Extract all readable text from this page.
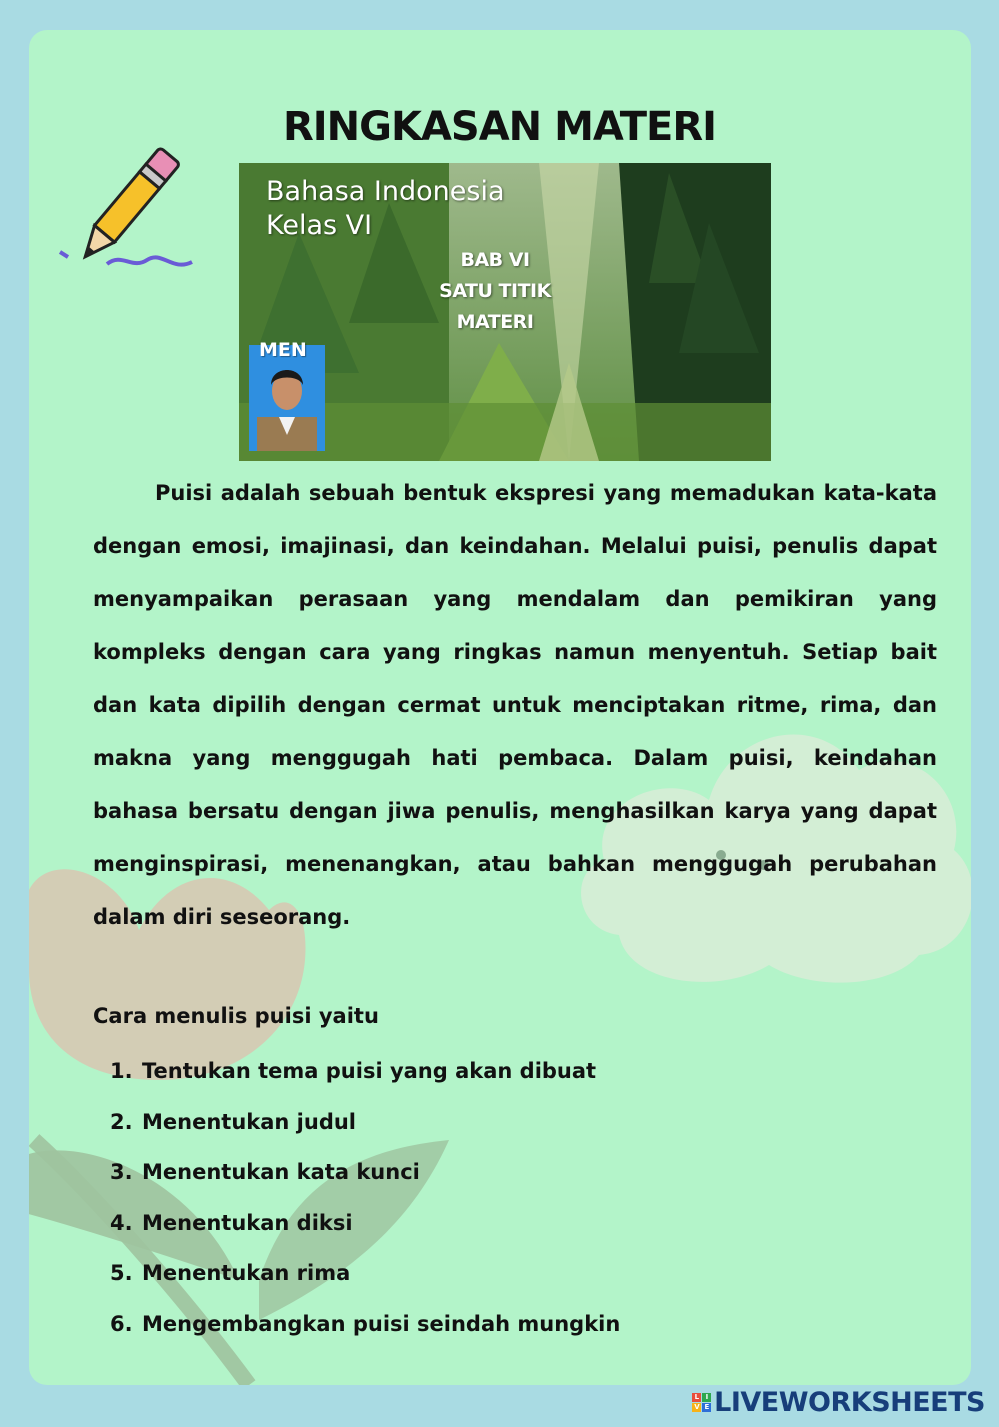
RINGKASAN MATERI
Bahasa Indonesia
Kelas VI
BAB VI
SATU TITIK
MATERI
MEN

Puisi adalah sebuah bentuk ekspresi yang memadukan kata-kata dengan emosi, imajinasi, dan keindahan. Melalui puisi, penulis dapat menyampaikan perasaan yang mendalam dan pemikiran yang kompleks dengan cara yang ringkas namun menyentuh. Setiap bait dan kata dipilih dengan cermat untuk menciptakan ritme, rima, dan makna yang menggugah hati pembaca. Dalam puisi, keindahan bahasa bersatu dengan jiwa penulis, menghasilkan karya yang dapat menginspirasi, menenangkan, atau bahkan menggugah perubahan dalam diri seseorang.

Cara menulis puisi yaitu

1. Tentukan tema puisi yang akan dibuat
2. Menentukan judul
3. Menentukan kata kunci
4. Menentukan diksi
5. Menentukan rima
6. Mengembangkan puisi seindah mungkin
L I
V E LIVEWORKSHEETS
